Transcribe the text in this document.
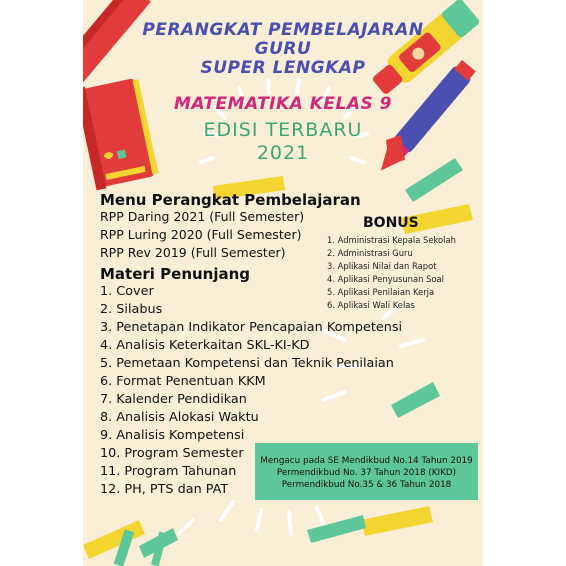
PERANGKAT PEMBELAJARAN
GURU
SUPER LENGKAP
MATEMATIKA KELAS 9
EDISI TERBARU
2021
Menu Perangkat Pembelajaran
RPP Daring 2021 (Full Semester)
RPP Luring 2020 (Full Semester)
RPP Rev 2019 (Full Semester)
BONUS
1. Administrasi Kepala Sekolah
2. Administrasi Guru
3. Aplikasi Nilai dan Rapot
4. Aplikasi Penyusunan Soal
5. Aplikasi Penilaian Kerja
6. Aplikasi Wali Kelas
Materi Penunjang
1. Cover
2. Silabus
3. Penetapan Indikator Pencapaian Kompetensi
4. Analisis Keterkaitan SKL-KI-KD
5. Pemetaan Kompetensi dan Teknik Penilaian
6. Format Penentuan KKM
7. Kalender Pendidikan
8. Analisis Alokasi Waktu
9. Analisis Kompetensi
10. Program Semester
11. Program Tahunan
12. PH, PTS dan PAT
Mengacu pada SE Mendikbud No.14 Tahun 2019
Permendikbud No. 37 Tahun 2018 (KIKD)
Permendikbud No.35 & 36 Tahun 2018
